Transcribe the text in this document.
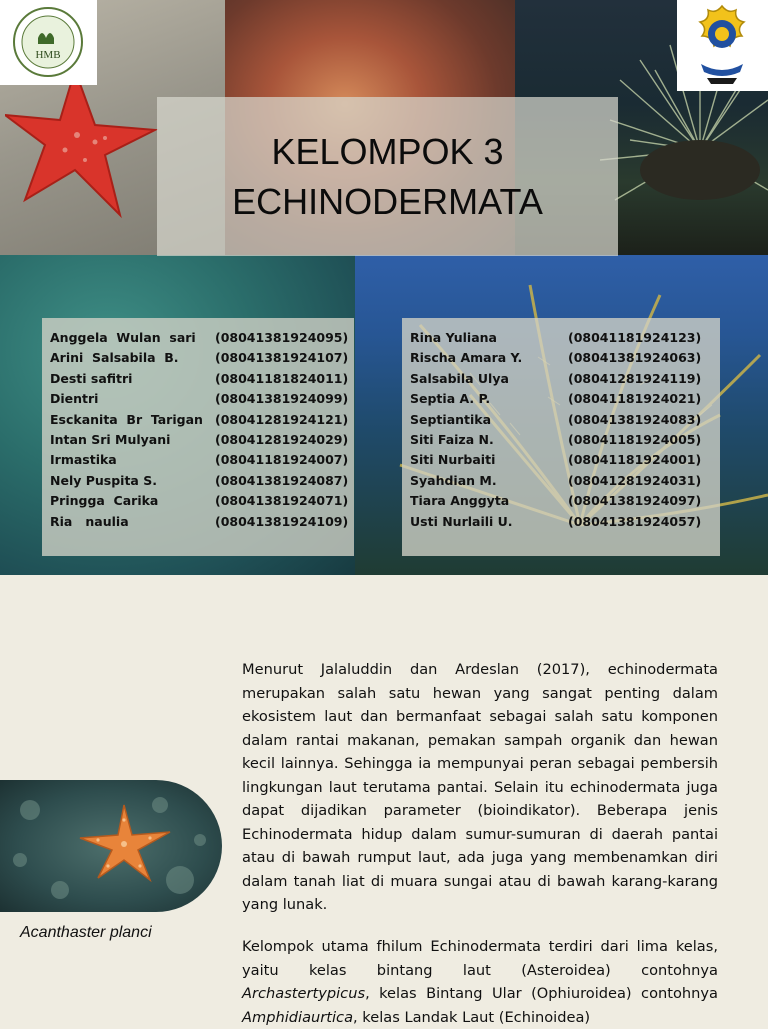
HMB
KELOMPOK 3
ECHINODERMATA
Anggela  Wulan  sari (08041381924095)
Arini  Salsabila  B.	(08041381924107)
Desti safitri	(08041181824011)
Dientri	(08041381924099)
Esckanita  Br  Tarigan (08041281924121)
Intan Sri Mulyani	(08041281924029)
Irmastika	(08041181924007)
Nely Puspita S.	(08041381924087)
Pringga  Carika	(08041381924071)
Ria   naulia	(08041381924109)
Rina Yuliana	(08041181924123)
Rischa Amara Y.	(08041381924063)
Salsabila Ulya	(08041281924119)
Septia A. P.	(08041181924021)
Septiantika	(08041381924083)
Siti Faiza N.	(08041181924005)
Siti Nurbaiti	(08041181924001)
Syahdian M.	(08041281924031)
Tiara Anggyta	(08041381924097)
Usti Nurlaili U.	(08041381924057)
Acanthaster planci

Menurut Jalaluddin dan Ardeslan (2017), echinodermata merupakan salah satu hewan yang sangat penting dalam ekosistem laut dan bermanfaat sebagai salah satu komponen dalam rantai makanan, pemakan sampah organik dan hewan kecil lainnya. Sehingga ia mempunyai peran sebagai pembersih lingkungan laut terutama pantai. Selain itu echinodermata juga dapat dijadikan parameter (bioindikator). Beberapa jenis Echinodermata hidup dalam sumur-sumuran di daerah pantai atau di bawah rumput laut, ada juga yang membenamkan diri dalam tanah liat di muara sungai atau di bawah karang-karang yang lunak.

Kelompok utama fhilum Echinodermata terdiri dari lima kelas, yaitu kelas bintang laut (Asteroidea) contohnya Archastertypicus, kelas Bintang Ular (Ophiuroidea) contohnya Amphidiaurtica, kelas Landak Laut (Echinoidea)
